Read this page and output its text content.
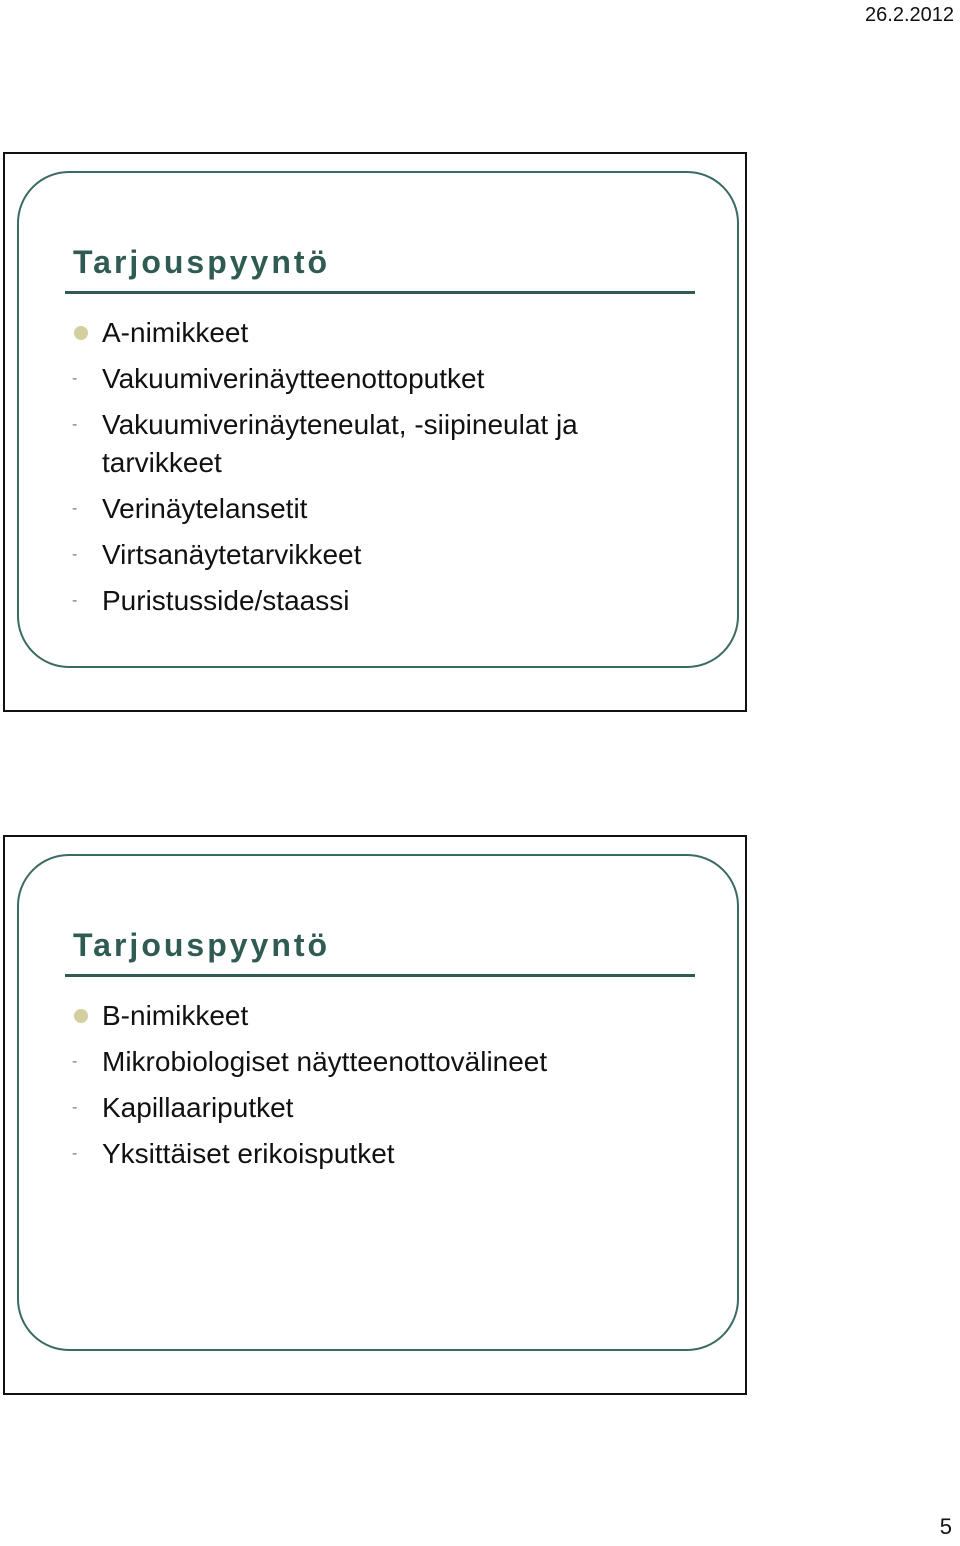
26.2.2012
Tarjouspyyntö
A-nimikkeet
- Vakuumiverinäytteenottoputket
- Vakuumiverinäyteneulat, -siipineulat ja tarvikkeet
- Verinäytelansetit
- Virtsanäytetarvikkeet
- Puristusside/staassi
Tarjouspyyntö
B-nimikkeet
- Mikrobiologiset näytteenottovälineet
- Kapillaariputket
- Yksittäiset erikoisputket
5
